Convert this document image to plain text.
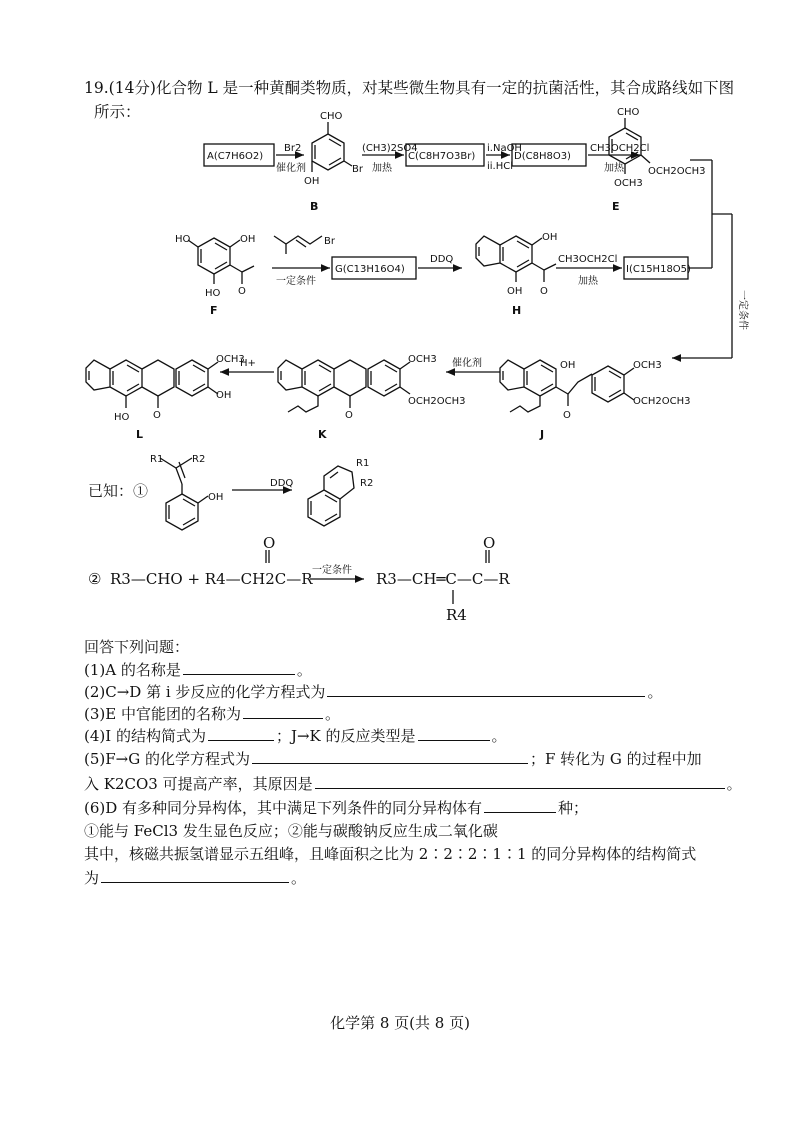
19.(14分)化合物 L 是一种黄酮类物质，对某些微生物具有一定的抗菌活性，其合成路线如下图
所示：
A(C7H6O2)	C(C8H7O3Br)	D(C8H8O3)
G(C13H16O4)	I(C15H18O5)
Br2
催化剂
(CH3)2SO4
加热
i.NaOH
ii.HCl
CH3OCH2Cl
加热
一定条件
DDQ	CH3OCH2Cl
加热
催化剂
H+
DDQ
一定条件
一定条件
CHO
Br
OH
CHO
OCH2OCH3
OCH3
HO	OH
HO O
Br	OH
OH O
OCH3
OCH2OCH3
OH
O
OCH3
OCH2OCH3
O
OCH3
OH
HO O
OH
R1	R2	R1
R2
B	E
F	H
L	K	J
已知：①
② R3—CHO + R4—CH2C—R	R3—CH═C—C—R
O	O
R4
回答下列问题：
(1)A 的名称是	。
(2)C→D 第 i 步反应的化学方程式为	。
(3)E 中官能团的名称为	。
(4)I 的结构简式为	；J→K 的反应类型是	。
(5)F→G 的化学方程式为	；F 转化为 G 的过程中加
入 K2CO3 可提高产率，其原因是	。
(6)D 有多种同分异构体，其中满足下列条件的同分异构体有	种；
①能与 FeCl3 发生显色反应；②能与碳酸钠反应生成二氧化碳
其中，核磁共振氢谱显示五组峰，且峰面积之比为 2∶2∶2∶1∶1 的同分异构体的结构简式
为	。
化学第 8 页(共 8 页)
